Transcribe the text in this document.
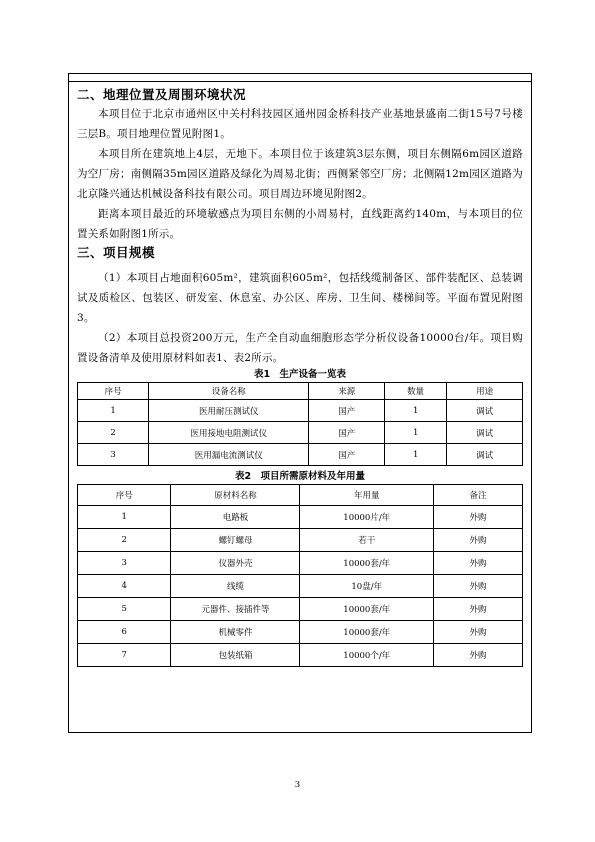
二、地理位置及周围环境状况

本项目位于北京市通州区中关村科技园区通州园金桥科技产业基地景盛南二街15号7号楼三层B。项目地理位置见附图1。

本项目所在建筑地上4层，无地下。本项目位于该建筑3层东侧，项目东侧隔6m园区道路为空厂房；南侧隔35m园区道路及绿化为周易北街；西侧紧邻空厂房；北侧隔12m园区道路为北京隆兴通达机械设备科技有限公司。项目周边环境见附图2。

距离本项目最近的环境敏感点为项目东侧的小周易村，直线距离约140m，与本项目的位置关系如附图1所示。

三、项目规模

（1）本项目占地面积605m²，建筑面积605m²，包括线缆制备区、部件装配区、总装调试及质检区、包装区、研发室、休息室、办公区、库房、卫生间、楼梯间等。平面布置见附图3。

（2）本项目总投资200万元，生产全自动血细胞形态学分析仪设备10000台/年。项目购置设备清单及使用原材料如表1、表2所示。

表1　生产设备一览表

序号	设备名称	来源	数量	用途
1	医用耐压测试仪	国产	1	调试
2	医用接地电阻测试仪	国产	1	调试
3	医用漏电流测试仪	国产	1	调试

表2　项目所需原材料及年用量

序号	原材料名称	年用量	备注
1	电路板	10000片/年	外购
2	螺钉螺母	若干	外购
3	仪器外壳	10000套/年	外购
4	线缆	10盘/年	外购
5	元器件、接插件等	10000套/年	外购
6	机械零件	10000套/年	外购
7	包装纸箱	10000个/年	外购
3
